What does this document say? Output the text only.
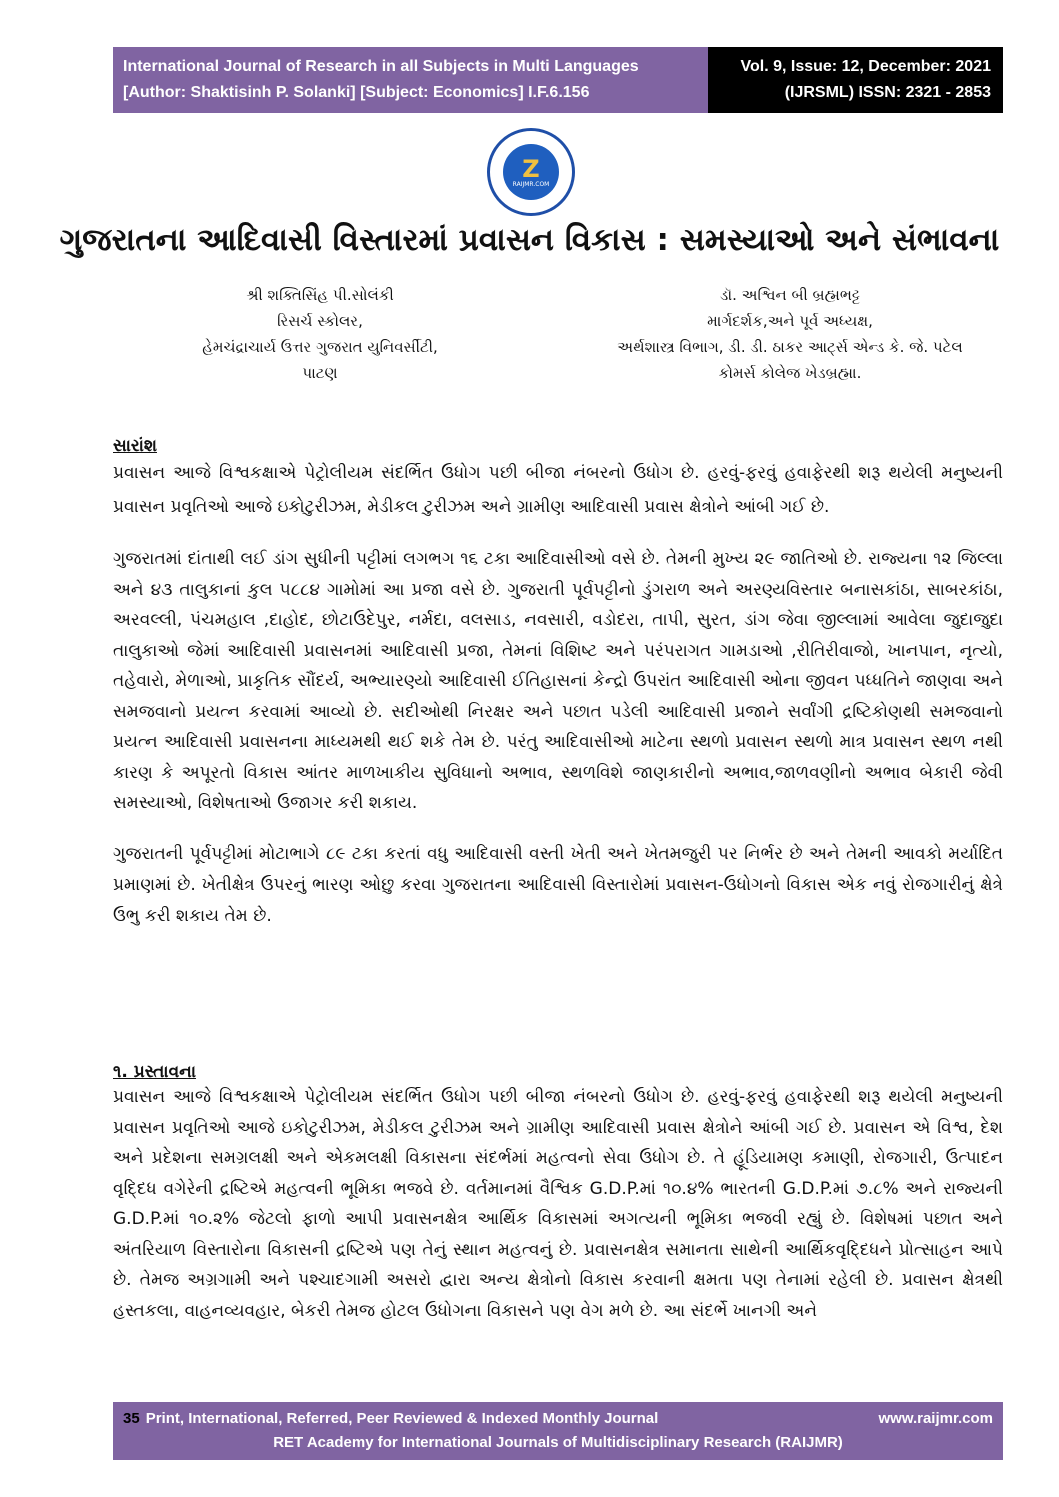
International Journal of Research in all Subjects in Multi Languages
[Author: Shaktisinh P. Solanki] [Subject: Economics] I.F.6.156
Vol. 9, Issue: 12, December: 2021
(IJRSML) ISSN: 2321 - 2853
Z
RAIJMR.COM
ગુજરાતના આદિવાસી વિસ્તારમાં પ્રવાસન વિકાસ : સમસ્યાઓ અને સંભાવના
શ્રી શક્તિસિંહ પી.સોલંકી
રિસર્ચ સ્કોલર,
હેમચંદ્રાચાર્ય ઉત્તર ગુજરાત યુનિવર્સીટી,
પાટણ
ડૉ. અશ્વિન બી બ્રહ્મભટ્ટ
માર્ગદર્શક,અને પૂર્વ અધ્યક્ષ,
અર્થશાસ્ત્ર વિભાગ, ડી. ડી. ઠાકર આર્ટ્સ એન્ડ કે. જે. પટેલ
કોમર્સ કોલેજ ખેડબ્રહ્મા.
સારાંશ

પ્રવાસન આજે વિશ્વકક્ષાએ પેટ્રોલીયમ સંદર્ભિત ઉધોગ પછી બીજા નંબરનો ઉધોગ છે. હરવું-ફરવું હવાફેરથી શરૂ થયેલી મનુષ્યની પ્રવાસન પ્રવૃતિઓ આજે ઇકોટુરીઝમ, મેડીકલ ટુરીઝમ અને ગ્રામીણ આદિવાસી પ્રવાસ ક્ષેત્રોને આંબી ગઈ છે.

ગુજરાતમાં દાંતાથી લઈ ડાંગ સુધીની પટ્ટીમાં લગભગ ૧૬ ટકા આદિવાસીઓ વસે છે. તેમની મુખ્ય ૨૯ જાતિઓ છે. રાજ્યના ૧૨ જિલ્લા અને ૪૩ તાલુકાનાં કુલ ૫૮૮૪ ગામોમાં આ પ્રજા વસે છે. ગુજરાતી પૂર્વપટ્ટીનો ડુંગરાળ અને અરણ્યવિસ્તાર બનાસકાંઠા, સાબરકાંઠા, અરવલ્લી, પંચમહાલ ,દાહોદ, છોટાઉદેપુર, નર્મદા, વલસાડ, નવસારી, વડોદરા, તાપી, સુરત, ડાંગ જેવા જીલ્લામાં આવેલા જુદાજુદા તાલુકાઓ જેમાં આદિવાસી પ્રવાસનમાં આદિવાસી પ્રજા, તેમનાં વિશિષ્ટ અને પરંપરાગત ગામડાઓ ,રીતિરીવાજો, ખાનપાન, નૃત્યો, તહેવારો, મેળાઓ, પ્રાકૃતિક સૌંદર્ય, અભ્યારણ્યો આદિવાસી ઈતિહાસનાં કેન્દ્રો ઉપરાંત આદિવાસી ઓના જીવન પધ્ધતિને જાણવા અને સમજવાનો પ્રયત્ન કરવામાં આવ્યો છે. સદીઓથી નિરક્ષર અને પછાત પડેલી આદિવાસી પ્રજાને સર્વાંગી દ્રષ્ટિકોણથી સમજવાનો પ્રયત્ન આદિવાસી પ્રવાસનના માધ્યમથી થઈ શકે તેમ છે. પરંતુ આદિવાસીઓ માટેના સ્થળો પ્રવાસન સ્થળો માત્ર પ્રવાસન સ્થળ નથી કારણ કે અપૂરતો વિકાસ આંતર માળખાકીય સુવિધાનો અભાવ, સ્થળવિશે જાણકારીનો અભાવ,જાળવણીનો અભાવ બેકારી જેવી સમસ્યાઓ, વિશેષતાઓ ઉજાગર કરી શકાય.

ગુજરાતની પૂર્વપટ્ટીમાં મોટાભાગે ૮૯ ટકા કરતાં વધુ આદિવાસી વસ્તી ખેતી અને ખેતમજુરી પર નિર્ભર છે અને તેમની આવકો મર્યાદિત પ્રમાણમાં છે. ખેતીક્ષેત્ર ઉપરનું ભારણ ઓછુ કરવા ગુજરાતના આદિવાસી વિસ્તારોમાં પ્રવાસન-ઉધોગનો વિકાસ એક નવું રોજગારીનું ક્ષેત્રે ઉભુ કરી શકાય તેમ છે.

૧. પ્રસ્તાવના

પ્રવાસન આજે વિશ્વકક્ષાએ પેટ્રોલીયમ સંદર્ભિત ઉધોગ પછી બીજા નંબરનો ઉધોગ છે. હરવું-ફરવું હવાફેરથી શરૂ થયેલી મનુષ્યની પ્રવાસન પ્રવૃતિઓ આજે ઇકોટુરીઝમ, મેડીકલ ટુરીઝમ અને ગ્રામીણ આદિવાસી પ્રવાસ ક્ષેત્રોને આંબી ગઈ છે. પ્રવાસન એ વિશ્વ, દેશ અને પ્રદેશના સમગ્રલક્ષી અને એકમલક્ષી વિકાસના સંદર્ભમાં મહત્વનો સેવા ઉધોગ છે. તે હૂંડિયામણ કમાણી, રોજગારી, ઉત્પાદન વૃદ્દિધ વગેરેની દ્રષ્ટિએ મહત્વની ભૂમિકા ભજવે છે. વર્તમાનમાં વૈશ્વિક G.D.P.માં ૧૦.૪% ભારતની G.D.P.માં ૭.૮% અને રાજ્યની G.D.P.માં ૧૦.૨% જેટલો ફાળો આપી પ્રવાસનક્ષેત્ર આર્થિક વિકાસમાં અગત્યની ભૂમિકા ભજવી રહ્યું છે. વિશેષમાં પછાત અને અંતરિયાળ વિસ્તારોના વિકાસની દ્રષ્ટિએ પણ તેનું સ્થાન મહત્વનું છે. પ્રવાસનક્ષેત્ર સમાનતા સાથેની આર્થિકવૃદ્દિધને પ્રોત્સાહન આપે છે. તેમજ અગ્રગામી અને પશ્ચાદગામી અસરો દ્વારા અન્ય ક્ષેત્રોનો વિકાસ કરવાની ક્ષમતા પણ તેનામાં રહેલી છે. પ્રવાસન ક્ષેત્રથી હસ્તકલા, વાહનવ્યવહાર, બેકરી તેમજ હોટલ ઉધોગના વિકાસને પણ વેગ મળે છે. આ સંદર્ભે ખાનગી અને

35 Print, International, Referred, Peer Reviewed & Indexed Monthly Journal	www.raijmr.com
RET Academy for International Journals of Multidisciplinary Research (RAIJMR)
